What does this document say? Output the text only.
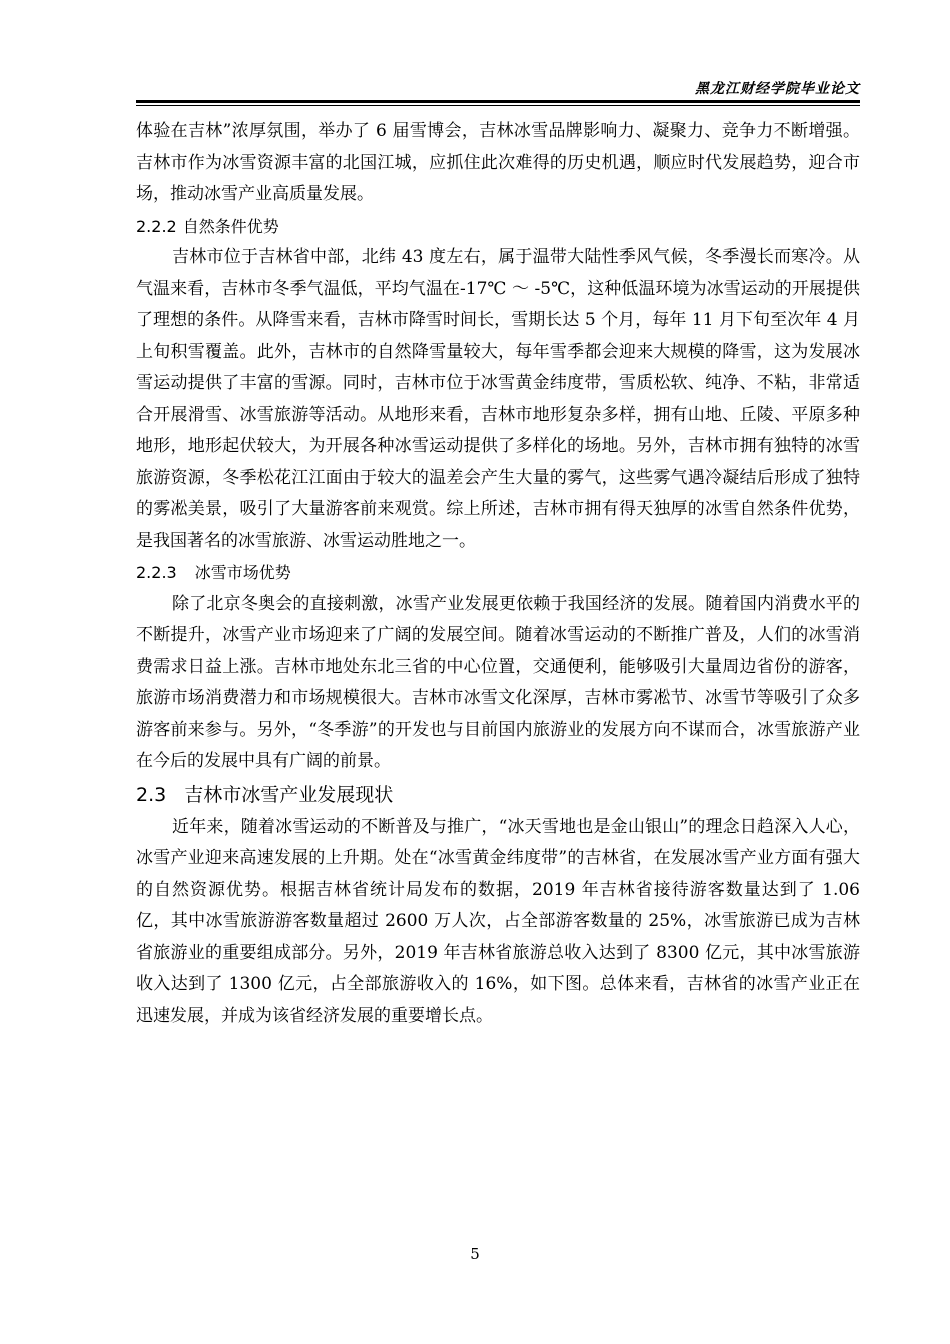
黑龙江财经学院毕业论文

体验在吉林”浓厚氛围，举办了 6 届雪博会，吉林冰雪品牌影响力、凝聚力、竞争力不断增强。吉林市作为冰雪资源丰富的北国江城，应抓住此次难得的历史机遇，顺应时代发展趋势，迎合市场，推动冰雪产业高质量发展。

2.2.2 自然条件优势

吉林市位于吉林省中部，北纬 43 度左右，属于温带大陆性季风气候，冬季漫长而寒冷。从气温来看，吉林市冬季气温低，平均气温在-17℃ ～ -5℃，这种低温环境为冰雪运动的开展提供了理想的条件。从降雪来看，吉林市降雪时间长，雪期长达 5 个月，每年 11 月下旬至次年 4 月上旬积雪覆盖。此外，吉林市的自然降雪量较大，每年雪季都会迎来大规模的降雪，这为发展冰雪运动提供了丰富的雪源。同时，吉林市位于冰雪黄金纬度带，雪质松软、纯净、不粘，非常适合开展滑雪、冰雪旅游等活动。从地形来看，吉林市地形复杂多样，拥有山地、丘陵、平原多种地形，地形起伏较大，为开展各种冰雪运动提供了多样化的场地。另外，吉林市拥有独特的冰雪旅游资源，冬季松花江江面由于较大的温差会产生大量的雾气，这些雾气遇冷凝结后形成了独特的雾凇美景，吸引了大量游客前来观赏。综上所述，吉林市拥有得天独厚的冰雪自然条件优势，是我国著名的冰雪旅游、冰雪运动胜地之一。

2.2.3 冰雪市场优势

除了北京冬奥会的直接刺激，冰雪产业发展更依赖于我国经济的发展。随着国内消费水平的不断提升，冰雪产业市场迎来了广阔的发展空间。随着冰雪运动的不断推广普及，人们的冰雪消费需求日益上涨。吉林市地处东北三省的中心位置，交通便利，能够吸引大量周边省份的游客，旅游市场消费潜力和市场规模很大。吉林市冰雪文化深厚，吉林市雾凇节、冰雪节等吸引了众多游客前来参与。另外，“冬季游”的开发也与目前国内旅游业的发展方向不谋而合，冰雪旅游产业在今后的发展中具有广阔的前景。

2.3 吉林市冰雪产业发展现状

近年来，随着冰雪运动的不断普及与推广，“冰天雪地也是金山银山”的理念日趋深入人心，冰雪产业迎来高速发展的上升期。处在“冰雪黄金纬度带”的吉林省，在发展冰雪产业方面有强大的自然资源优势。根据吉林省统计局发布的数据，2019 年吉林省接待游客数量达到了 1.06 亿，其中冰雪旅游游客数量超过 2600 万人次，占全部游客数量的 25%，冰雪旅游已成为吉林省旅游业的重要组成部分。另外，2019 年吉林省旅游总收入达到了 8300 亿元，其中冰雪旅游收入达到了 1300 亿元，占全部旅游收入的 16%，如下图。总体来看，吉林省的冰雪产业正在迅速发展，并成为该省经济发展的重要增长点。

5
